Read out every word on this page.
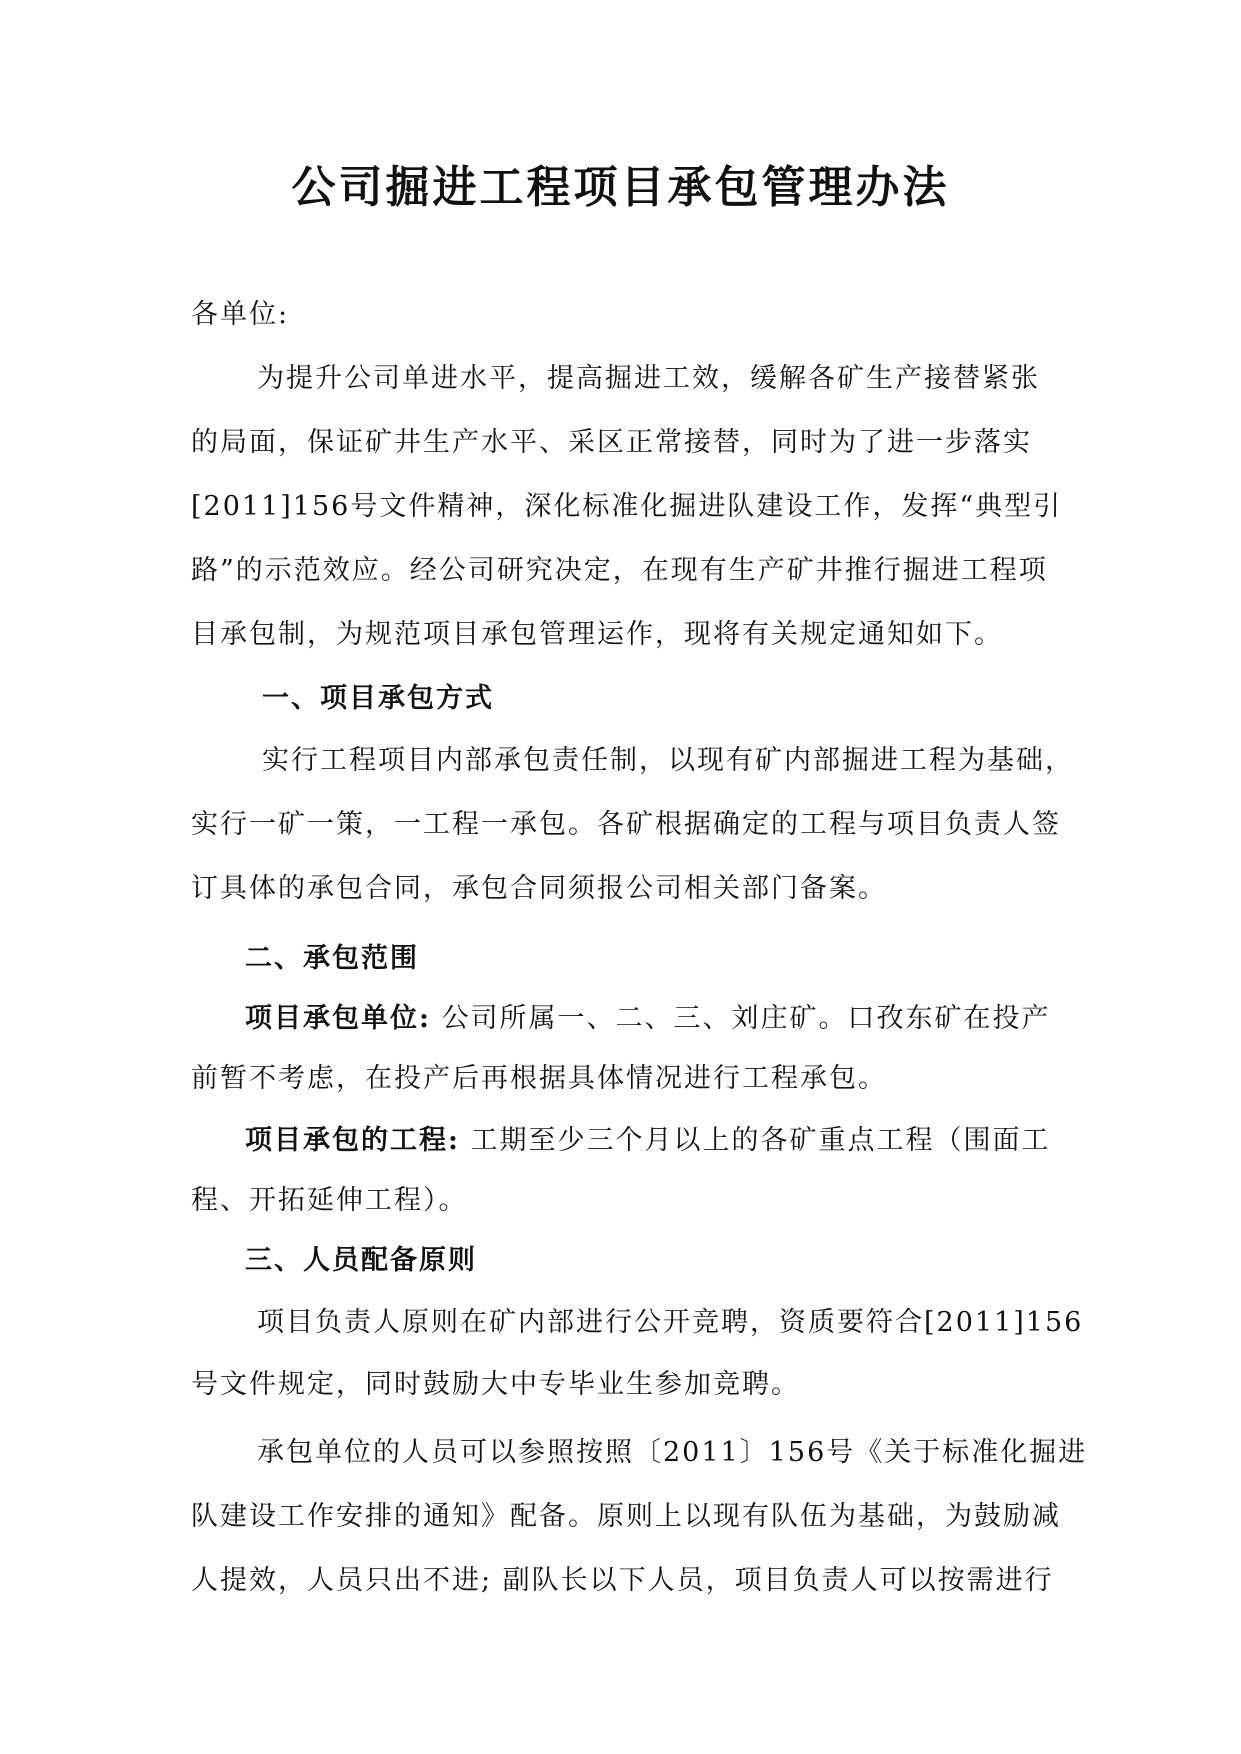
公司掘进工程项目承包管理办法
各单位:
为提升公司单进水平，提高掘进工效，缓解各矿生产接替紧张
的局面，保证矿井生产水平、采区正常接替，同时为了进一步落实
[2011]156号文件精神，深化标准化掘进队建设工作，发挥“典型引
路”的示范效应。经公司研究决定，在现有生产矿井推行掘进工程项
目承包制，为规范项目承包管理运作，现将有关规定通知如下。
一、项目承包方式
实行工程项目内部承包责任制，以现有矿内部掘进工程为基础，
实行一矿一策，一工程一承包。各矿根据确定的工程与项目负责人签
订具体的承包合同，承包合同须报公司相关部门备案。
二、承包范围
项目承包单位: 公司所属一、二、三、刘庄矿。口孜东矿在投产
前暂不考虑，在投产后再根据具体情况进行工程承包。
项目承包的工程: 工期至少三个月以上的各矿重点工程（围面工
程、开拓延伸工程）。
三、人员配备原则
项目负责人原则在矿内部进行公开竞聘，资质要符合[2011]156
号文件规定，同时鼓励大中专毕业生参加竞聘。
承包单位的人员可以参照按照〔2011〕156号《关于标准化掘进
队建设工作安排的通知》配备。原则上以现有队伍为基础，为鼓励减
人提效，人员只出不进; 副队长以下人员，项目负责人可以按需进行
